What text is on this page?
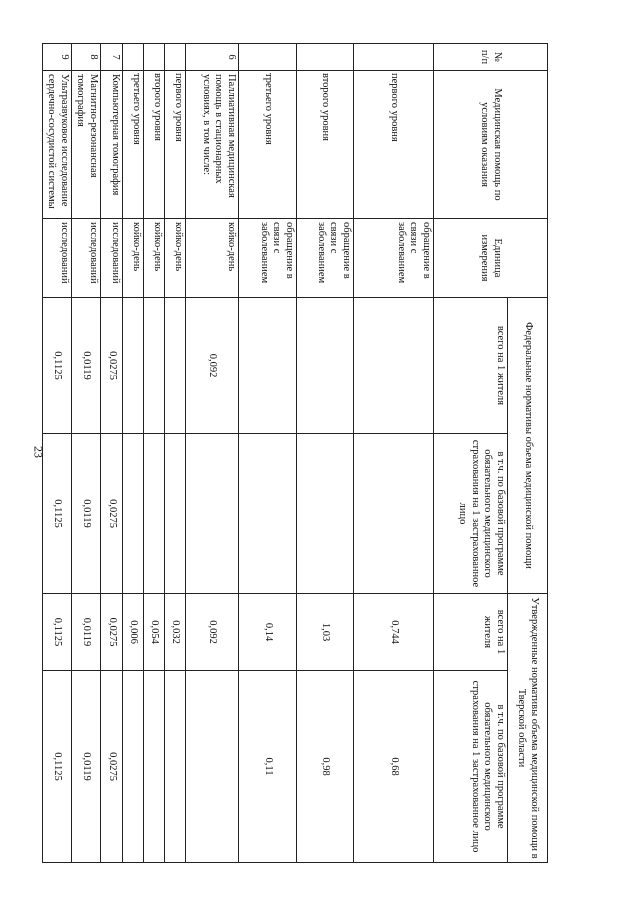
23
№ п/п	Медицинская помощь по условиям оказания	Единица измерения	Федеральные нормативы объема медицинской помощи		Утвержденные нормативы объема медицинской помощи в Тверской области	
			всего на 1 жителя	в т.ч. по базовой программе обязательного медицинского страхования на 1 застрахованное лицо	всего на 1 жителя	в т.ч. по базовой программе обязательного медицинского страхования на 1 застрахованное лицо
	первого уровня	обращение в связи с заболеванием			0,744	0,68
	второго уровня	обращение в связи с заболеванием			1,03	0,98
	третьего уровня	обращение в связи с заболеванием			0,14	0,11
6	Паллиативная медицинская помощь в стационарных условиях, в том числе:	койко-день	0,092		0,092	
	первого уровня	койко-день			0,032	
	второго уровня	койко-день			0,054	
	третьего уровня	койко-день			0,006	
7	Компьютерная томография	исследований	0,0275	0,0275	0,0275	0,0275
8	Магнитно-резонансная томография	исследований	0,0119	0,0119	0,0119	0,0119
9	Ультразвуковое исследование сердечно-сосудистой системы	исследований	0,1125	0,1125	0,1125	0,1125
